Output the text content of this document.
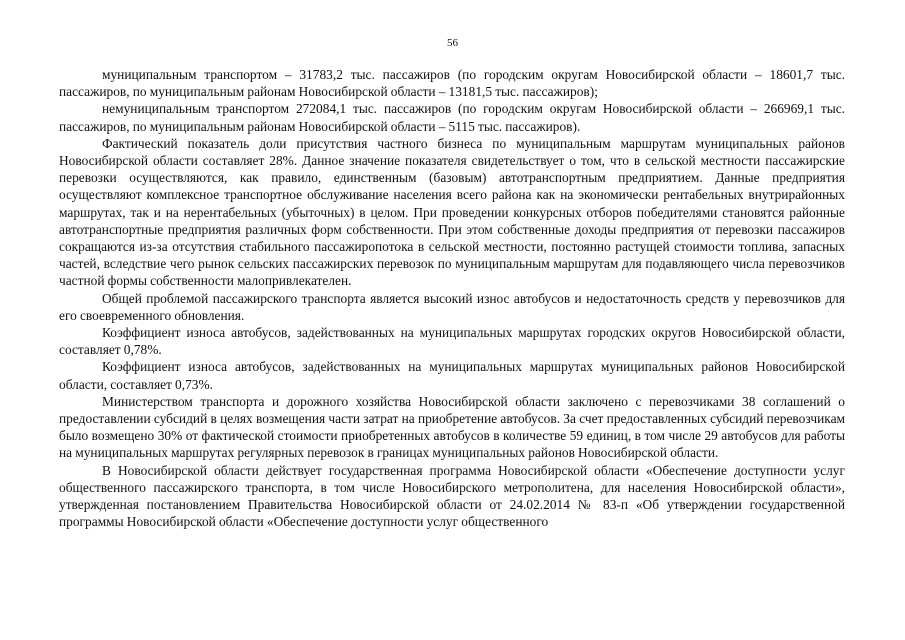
56

муниципальным транспортом – 31783,2 тыс. пассажиров (по городским округам Новосибирской области – 18601,7 тыс. пассажиров, по муниципальным районам Новосибирской области – 13181,5 тыс. пассажиров);

немуниципальным транспортом 272084,1 тыс. пассажиров (по городским округам Новосибирской области – 266969,1 тыс. пассажиров, по муниципальным районам Новосибирской области – 5115 тыс. пассажиров).

Фактический показатель доли присутствия частного бизнеса по муниципальным маршрутам муниципальных районов Новосибирской области составляет 28%. Данное значение показателя свидетельствует о том, что в сельской местности пассажирские перевозки осуществляются, как правило, единственным (базовым) автотранспортным предприятием. Данные предприятия осуществляют комплексное транспортное обслуживание населения всего района как на экономически рентабельных внутрирайонных маршрутах, так и на нерентабельных (убыточных) в целом. При проведении конкурсных отборов победителями становятся районные автотранспортные предприятия различных форм собственности. При этом собственные доходы предприятия от перевозки пассажиров сокращаются из-за отсутствия стабильного пассажиропотока в сельской местности, постоянно растущей стоимости топлива, запасных частей, вследствие чего рынок сельских пассажирских перевозок по муниципальным маршрутам для подавляющего числа перевозчиков частной формы собственности малопривлекателен.

Общей проблемой пассажирского транспорта является высокий износ автобусов и недостаточность средств у перевозчиков для его своевременного обновления.

Коэффициент износа автобусов, задействованных на муниципальных маршрутах городских округов Новосибирской области, составляет 0,78%.

Коэффициент износа автобусов, задействованных на муниципальных маршрутах муниципальных районов Новосибирской области, составляет 0,73%.

Министерством транспорта и дорожного хозяйства Новосибирской области заключено с перевозчиками 38 соглашений о предоставлении субсидий в целях возмещения части затрат на приобретение автобусов. За счет предоставленных субсидий перевозчикам было возмещено 30% от фактической стоимости приобретенных автобусов в количестве 59 единиц, в том числе 29 автобусов для работы на муниципальных маршрутах регулярных перевозок в границах муниципальных районов Новосибирской области.

В Новосибирской области действует государственная программа Новосибирской области «Обеспечение доступности услуг общественного пассажирского транспорта, в том числе Новосибирского метрополитена, для населения Новосибирской области», утвержденная постановлением Правительства Новосибирской области от 24.02.2014 № 83-п «Об утверждении государственной программы Новосибирской области «Обеспечение доступности услуг общественного
